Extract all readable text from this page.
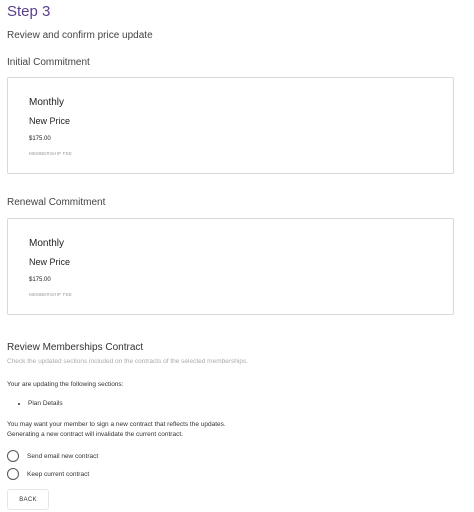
Step 3
Review and confirm price update
Initial Commitment
Monthly
New Price
$175.00
MEMBERSHIP FEE
Renewal Commitment
Monthly
New Price
$175.00
MEMBERSHIP FEE
Review Memberships Contract
Check the updated sections included on the contracts of the selected memberships.
Your are updating the following sections:
• Plan Details
You may want your member to sign a new contract that reflects the updates.
Generating a new contract will invalidate the current contract.
Send email new contract
Keep current contract
BACK
